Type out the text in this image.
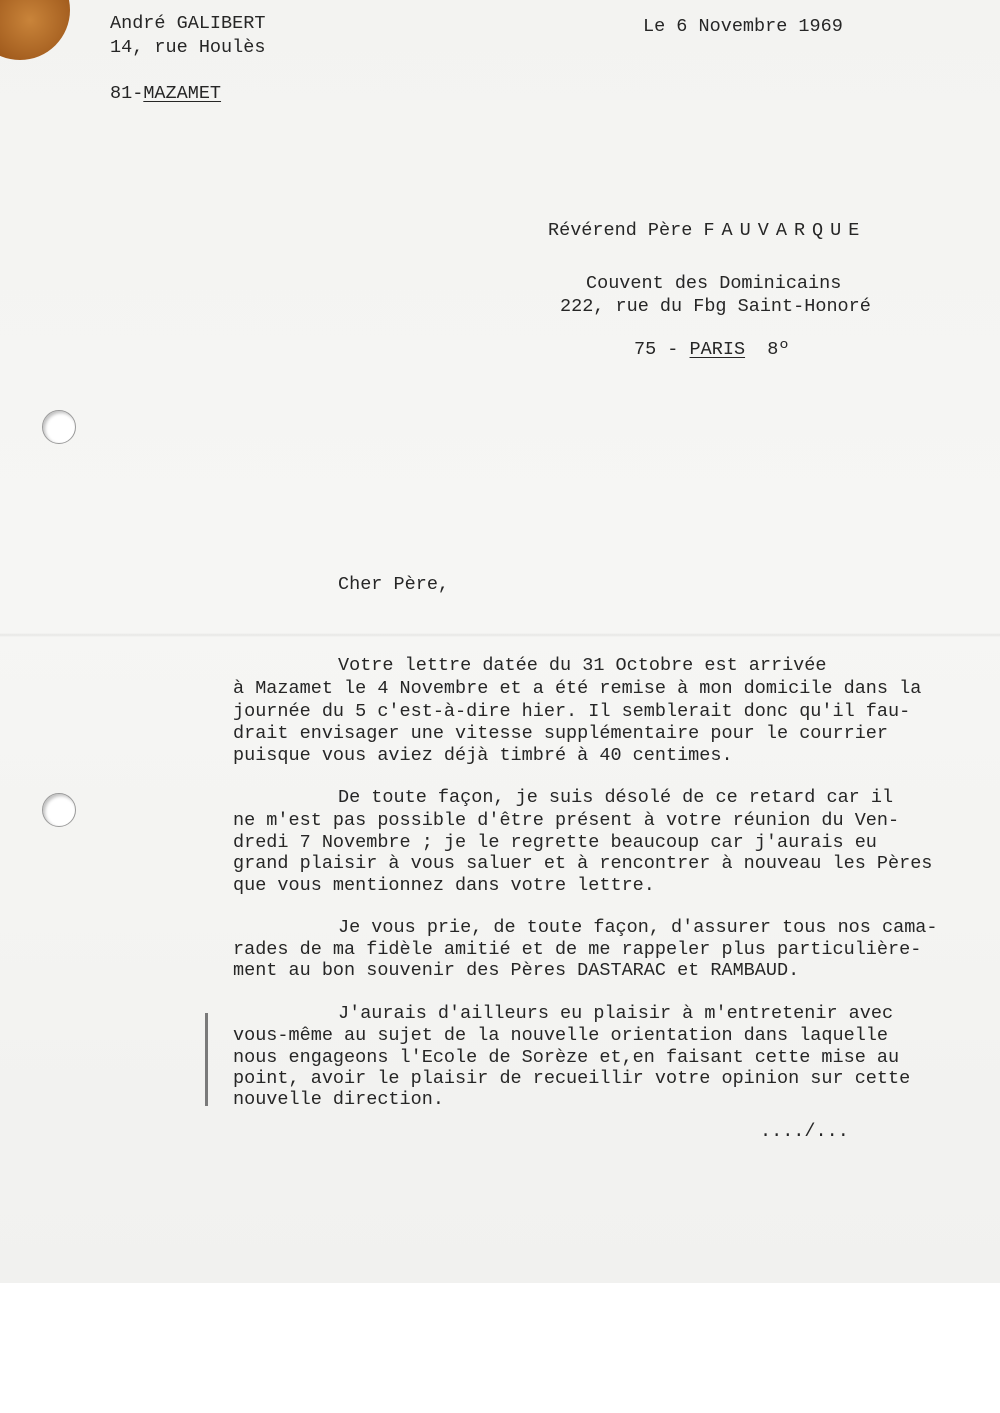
André GALIBERT

14, rue Houlès

81-MAZAMET

Le 6 Novembre 1969

Révérend Père FAUVARQUE

Couvent des Dominicains

222, rue du Fbg Saint-Honoré

75 - PARIS 8º

Cher Père,

Votre lettre datée du 31 Octobre est arrivée

à Mazamet le 4 Novembre et a été remise à mon domicile dans la

journée du 5 c'est-à-dire hier. Il semblerait donc qu'il fau-

drait envisager une vitesse supplémentaire pour le courrier

puisque vous aviez déjà timbré à 40 centimes.

De toute façon, je suis désolé de ce retard car il

ne m'est pas possible d'être présent à votre réunion du Ven-

dredi 7 Novembre ; je le regrette beaucoup car j'aurais eu

grand plaisir à vous saluer et à rencontrer à nouveau les Pères

que vous mentionnez dans votre lettre.

Je vous prie, de toute façon, d'assurer tous nos cama-

rades de ma fidèle amitié et de me rappeler plus particulière-

ment au bon souvenir des Pères DASTARAC et RAMBAUD.

J'aurais d'ailleurs eu plaisir à m'entretenir avec

vous-même au sujet de la nouvelle orientation dans laquelle

nous engageons l'Ecole de Sorèze et,en faisant cette mise au

point, avoir le plaisir de recueillir votre opinion sur cette

nouvelle direction.

..../...
